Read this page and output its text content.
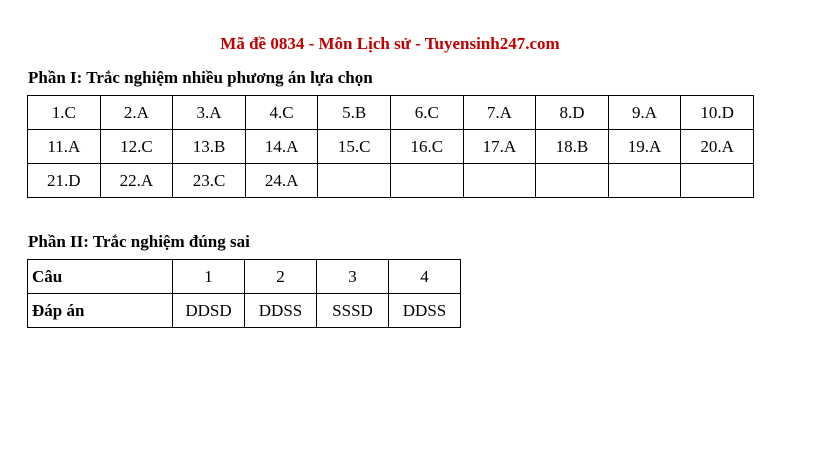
Mã đề 0834 - Môn Lịch sử - Tuyensinh247.com
Phần I: Trắc nghiệm nhiều phương án lựa chọn
1.C	2.A	3.A	4.C	5.B	6.C	7.A	8.D	9.A	10.D
11.A	12.C	13.B	14.A	15.C	16.C	17.A	18.B	19.A	20.A
21.D	22.A	23.C	24.A						
Phần II: Trắc nghiệm đúng sai
Câu	1	2	3	4
Đáp án	DDSD	DDSS	SSSD	DDSS
